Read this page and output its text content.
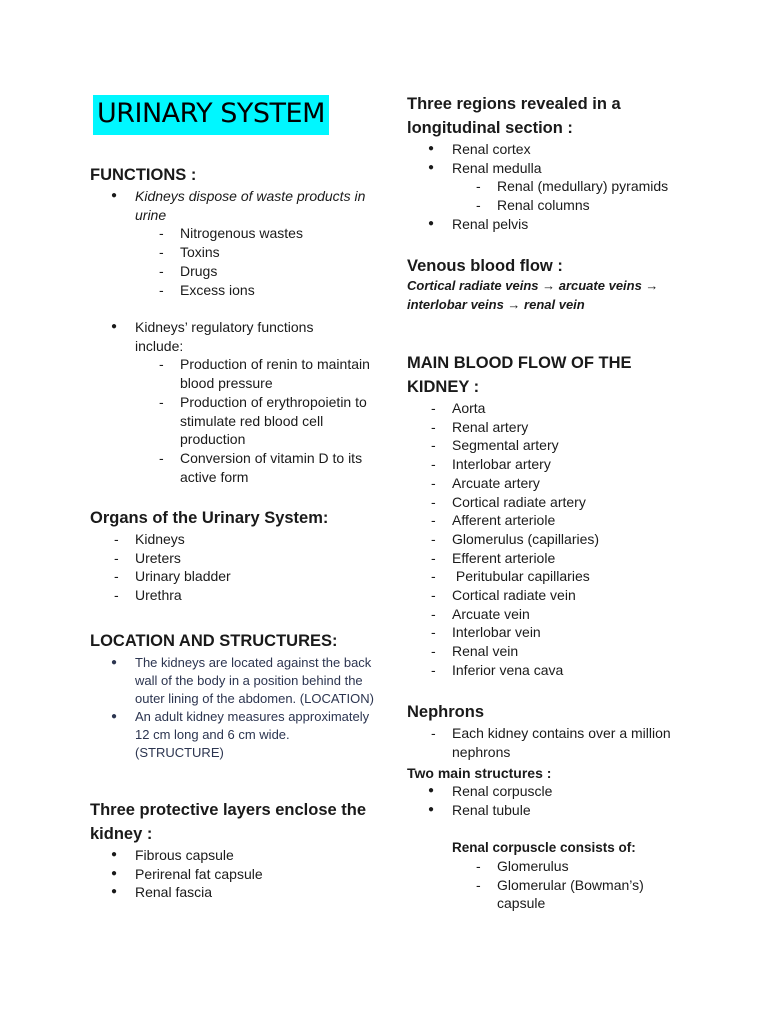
URINARY SYSTEM
FUNCTIONS :
● Kidneys dispose of waste products in urine
- Nitrogenous wastes
- Toxins
- Drugs
- Excess ions
● Kidneys’ regulatory functions include:
- Production of renin to maintain blood pressure
- Production of erythropoietin to stimulate red blood cell production
- Conversion of vitamin D to its active form
Organs of the Urinary System:
- Kidneys
- Ureters
- Urinary bladder
- Urethra
LOCATION AND STRUCTURES:
● The kidneys are located against the back wall of the body in a position behind the outer lining of the abdomen. (LOCATION)
● An adult kidney measures approximately 12 cm long and 6 cm wide. (STRUCTURE)
Three protective layers enclose the kidney :
● Fibrous capsule
● Perirenal fat capsule
● Renal fascia
Three regions revealed in a longitudinal section :
● Renal cortex
● Renal medulla
- Renal (medullary) pyramids
- Renal columns
● Renal pelvis
Venous blood flow :
Cortical radiate veins → arcuate veins → interlobar veins → renal vein
MAIN BLOOD FLOW OF THE KIDNEY :
- Aorta
- Renal artery
- Segmental artery
- Interlobar artery
- Arcuate artery
- Cortical radiate artery
- Afferent arteriole
- Glomerulus (capillaries)
- Efferent arteriole
-  Peritubular capillaries
- Cortical radiate vein
- Arcuate vein
- Interlobar vein
- Renal vein
- Inferior vena cava
Nephrons
- Each kidney contains over a million nephrons
Two main structures :
● Renal corpuscle
● Renal tubule
Renal corpuscle consists of:
- Glomerulus
- Glomerular (Bowman’s) capsule
